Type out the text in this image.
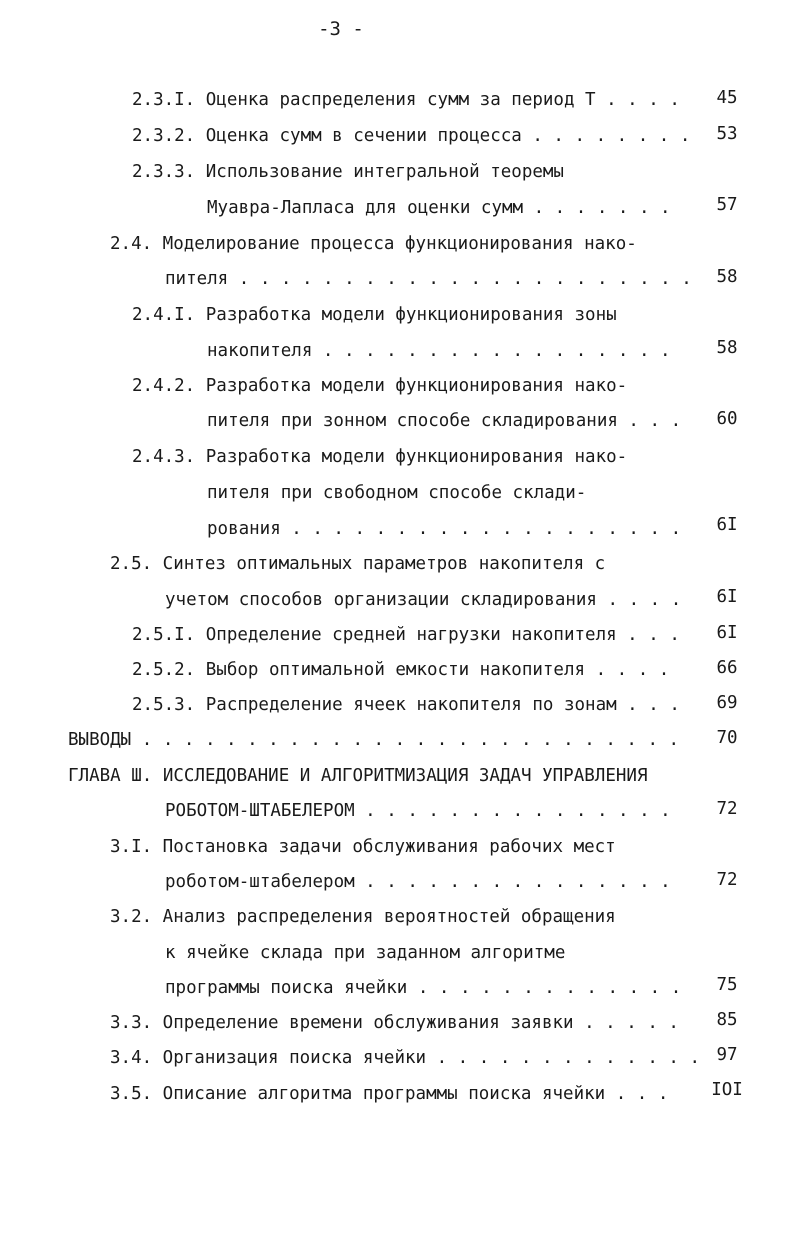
-3 -
2.3.I. Оценка распределения сумм за период Т . . . .	45
2.3.2. Оценка сумм в сечении процесса . . . . . . . .	53
2.3.3. Использование интегральной теоремы
Муавра-Лапласа для оценки сумм . . . . . . .	57
2.4. Моделирование процесса функционирования нако-
пителя . . . . . . . . . . . . . . . . . . . . . .	58
2.4.I. Разработка модели функционирования зоны
накопителя . . . . . . . . . . . . . . . . .	58
2.4.2. Разработка модели функционирования нако-
пителя при зонном способе складирования . . .	60
2.4.3. Разработка модели функционирования нако-
пителя при свободном способе склади-
рования . . . . . . . . . . . . . . . . . . .	6I
2.5. Синтез оптимальных параметров накопителя с
учетом способов организации складирования . . . .	6I
2.5.I. Определение средней нагрузки накопителя . . .	6I
2.5.2. Выбор оптимальной емкости накопителя . . . .	66
2.5.3. Распределение ячеек накопителя по зонам . . .	69
ВЫВОДЫ . . . . . . . . . . . . . . . . . . . . . . . . . .	70
ГЛАВА Ш. ИССЛЕДОВАНИЕ И АЛГОРИТМИЗАЦИЯ ЗАДАЧ УПРАВЛЕНИЯ
РОБОТОМ-ШТАБЕЛЕРОМ . . . . . . . . . . . . . . .	72
3.I. Постановка задачи обслуживания рабочих мест
роботом-штабелером . . . . . . . . . . . . . . .	72
3.2. Анализ распределения вероятностей обращения
к ячейке склада при заданном алгоритме
программы поиска ячейки . . . . . . . . . . . . .	75
3.3. Определение времени обслуживания заявки . . . . .	85
3.4. Организация поиска ячейки . . . . . . . . . . . . . 97
3.5. Описание алгоритма программы поиска ячейки . . .	IOI
